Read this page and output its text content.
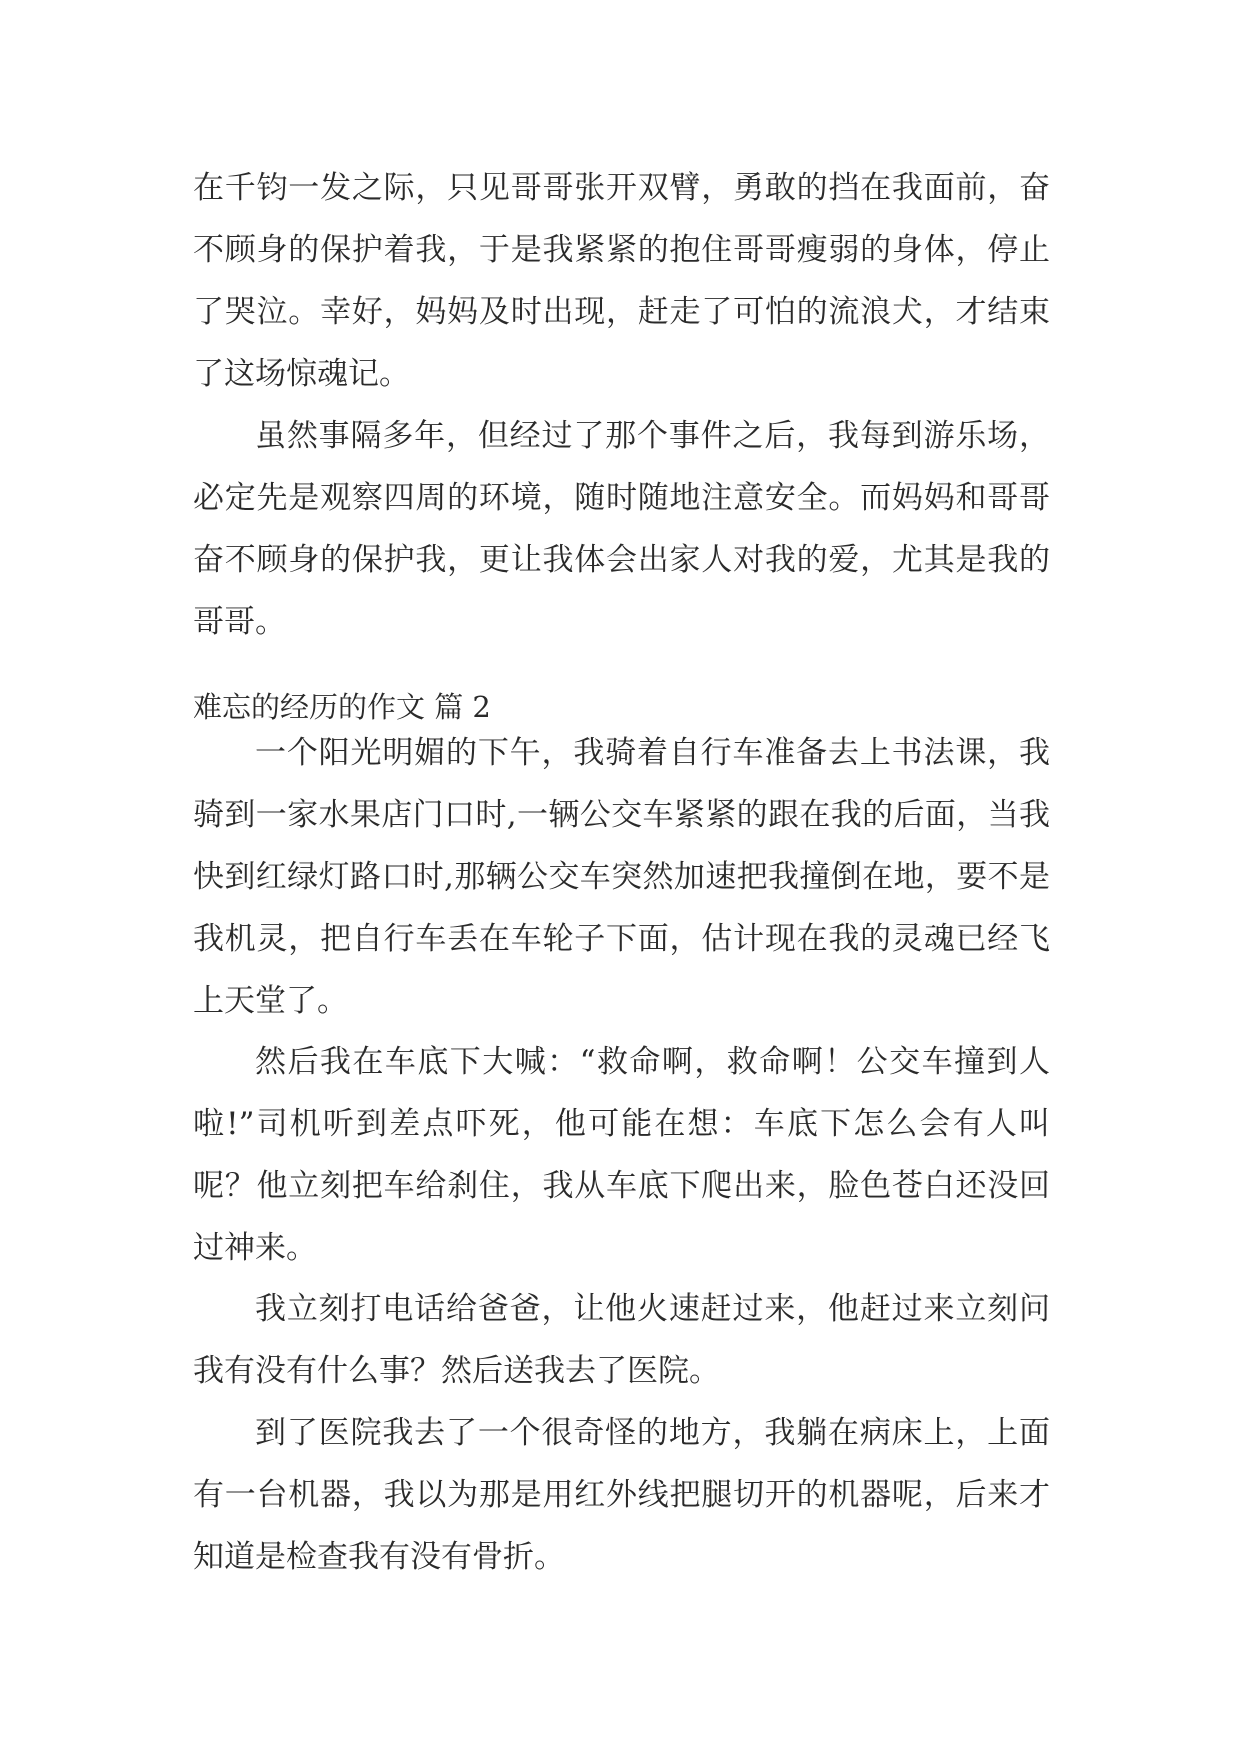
在千钧一发之际，只见哥哥张开双臂，勇敢的挡在我面前，奋不顾身的保护着我，于是我紧紧的抱住哥哥瘦弱的身体，停止了哭泣。幸好，妈妈及时出现，赶走了可怕的流浪犬，才结束了这场惊魂记。

虽然事隔多年，但经过了那个事件之后，我每到游乐场，必定先是观察四周的环境，随时随地注意安全。而妈妈和哥哥奋不顾身的保护我，更让我体会出家人对我的爱，尤其是我的哥哥。

难忘的经历的作文 篇 2

一个阳光明媚的下午，我骑着自行车准备去上书法课，我骑到一家水果店门口时,一辆公交车紧紧的跟在我的后面，当我快到红绿灯路口时,那辆公交车突然加速把我撞倒在地，要不是我机灵，把自行车丢在车轮子下面，估计现在我的灵魂已经飞上天堂了。

然后我在车底下大喊：“救命啊，救命啊！公交车撞到人啦!”司机听到差点吓死，他可能在想：车底下怎么会有人叫呢？他立刻把车给刹住，我从车底下爬出来，脸色苍白还没回过神来。

我立刻打电话给爸爸，让他火速赶过来，他赶过来立刻问我有没有什么事？然后送我去了医院。

到了医院我去了一个很奇怪的地方，我躺在病床上，上面有一台机器，我以为那是用红外线把腿切开的机器呢，后来才知道是检查我有没有骨折。
